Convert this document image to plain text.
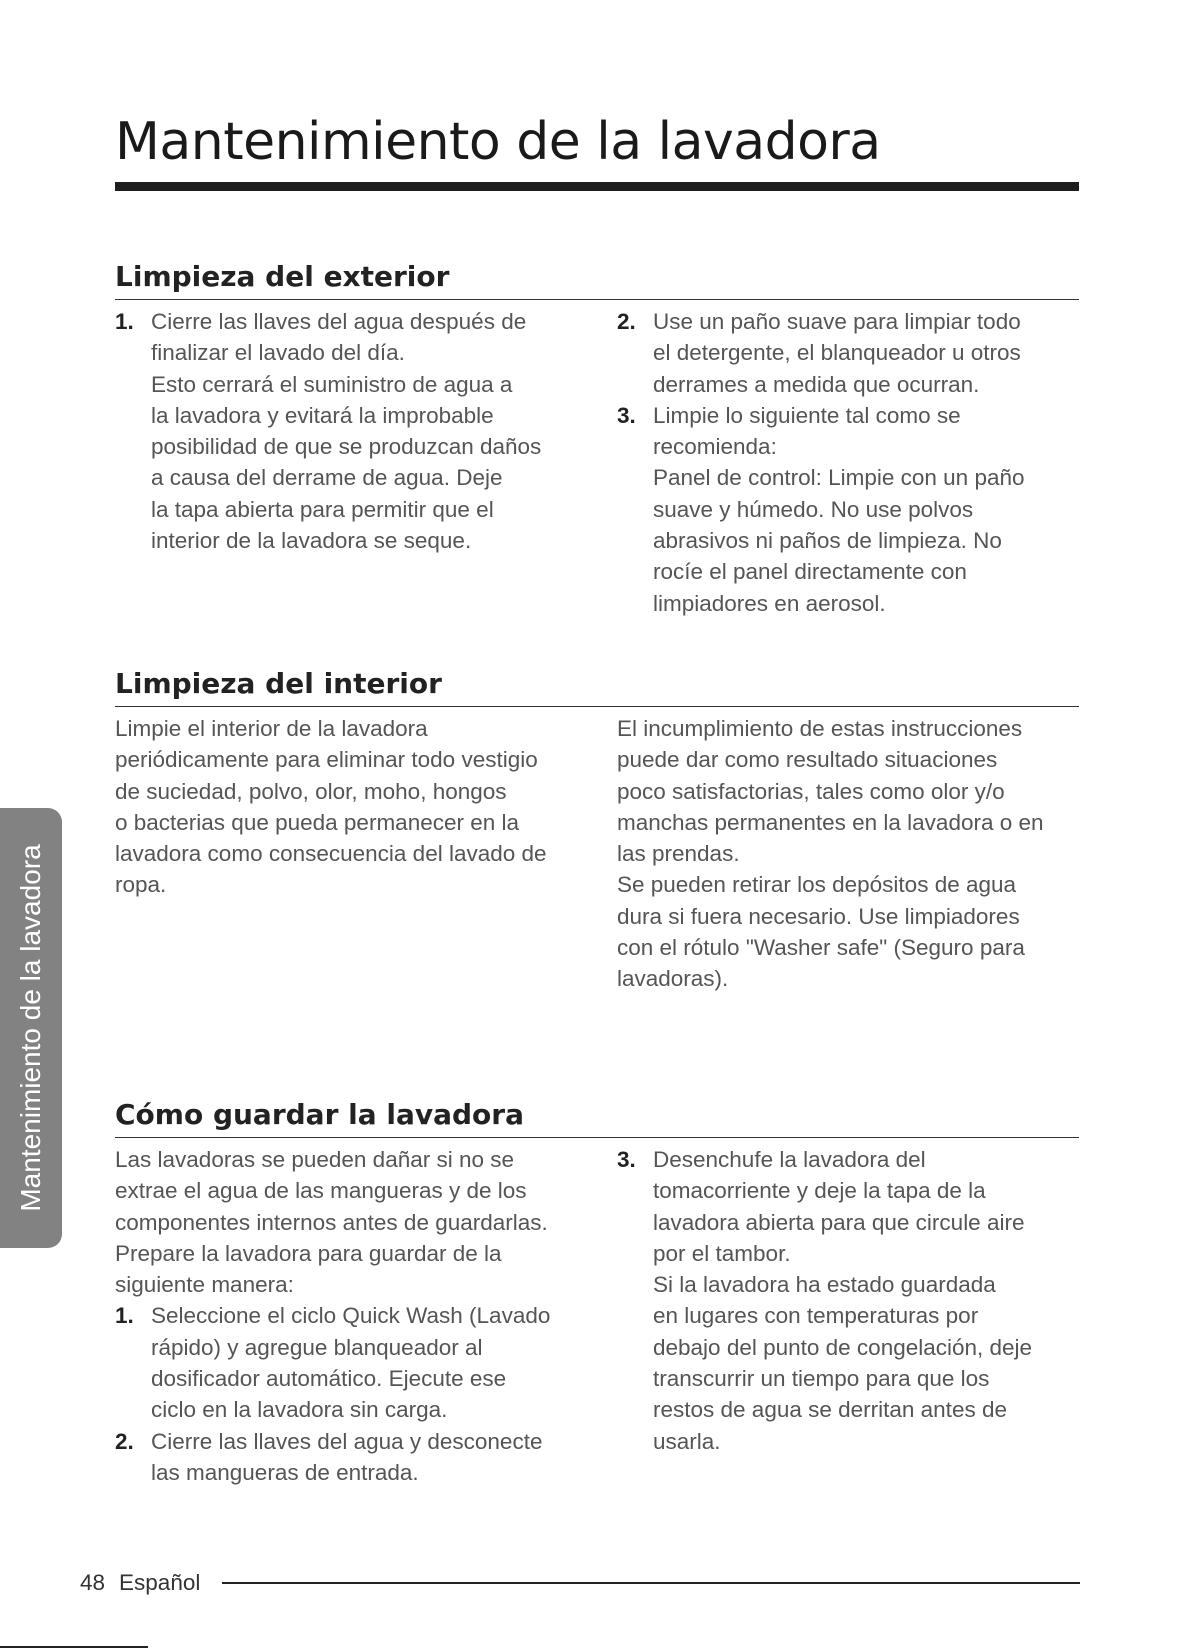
Mantenimiento de la lavadora
Limpieza del exterior
1. Cierre las llaves del agua después de
finalizar el lavado del día.

Esto cerrará el suministro de agua a
la lavadora y evitará la improbable
posibilidad de que se produzcan daños
a causa del derrame de agua. Deje
la tapa abierta para permitir que el
interior de la lavadora se seque.

2. Use un paño suave para limpiar todo
el detergente, el blanqueador u otros
derrames a medida que ocurran.

3. Limpie lo siguiente tal como se
recomienda:

Panel de control: Limpie con un paño
suave y húmedo. No use polvos
abrasivos ni paños de limpieza. No
rocíe el panel directamente con
limpiadores en aerosol.

Limpieza del interior

Limpie el interior de la lavadora
periódicamente para eliminar todo vestigio
de suciedad, polvo, olor, moho, hongos
o bacterias que pueda permanecer en la
lavadora como consecuencia del lavado de
ropa.

El incumplimiento de estas instrucciones
puede dar como resultado situaciones
poco satisfactorias, tales como olor y/o
manchas permanentes en la lavadora o en
las prendas.

Se pueden retirar los depósitos de agua
dura si fuera necesario. Use limpiadores
con el rótulo "Washer safe" (Seguro para
lavadoras).

Cómo guardar la lavadora

Las lavadoras se pueden dañar si no se
extrae el agua de las mangueras y de los
componentes internos antes de guardarlas.
Prepare la lavadora para guardar de la
siguiente manera:

1. Seleccione el ciclo Quick Wash (Lavado
rápido) y agregue blanqueador al
dosificador automático. Ejecute ese
ciclo en la lavadora sin carga.

2. Cierre las llaves del agua y desconecte
las mangueras de entrada.

3. Desenchufe la lavadora del
tomacorriente y deje la tapa de la
lavadora abierta para que circule aire
por el tambor.

Si la lavadora ha estado guardada
en lugares con temperaturas por
debajo del punto de congelación, deje
transcurrir un tiempo para que los
restos de agua se derritan antes de
usarla.

Mantenimiento de la lavadora
48 Español
